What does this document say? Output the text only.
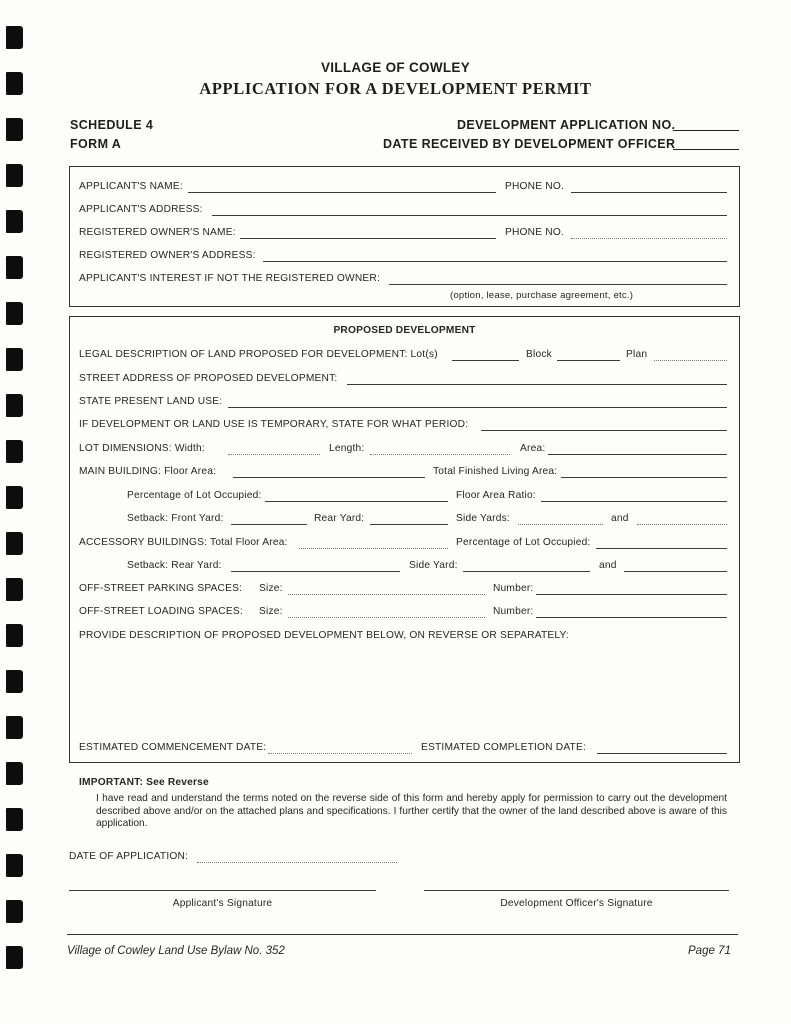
VILLAGE OF COWLEY
APPLICATION FOR A DEVELOPMENT PERMIT
SCHEDULE 4
FORM A
DEVELOPMENT APPLICATION NO.
DATE RECEIVED BY DEVELOPMENT OFFICER
APPLICANT'S NAME:	PHONE NO.
APPLICANT'S ADDRESS:
REGISTERED OWNER'S NAME:	PHONE NO.
REGISTERED OWNER'S ADDRESS:
APPLICANT'S INTEREST IF NOT THE REGISTERED OWNER:
(option, lease, purchase agreement, etc.)
PROPOSED DEVELOPMENT
LEGAL DESCRIPTION OF LAND PROPOSED FOR DEVELOPMENT: Lot(s)	Block	Plan
STREET ADDRESS OF PROPOSED DEVELOPMENT:
STATE PRESENT LAND USE:
IF DEVELOPMENT OR LAND USE IS TEMPORARY, STATE FOR WHAT PERIOD:
LOT DIMENSIONS: Width:	Length:	Area:
MAIN BUILDING: Floor Area:	Total Finished Living Area:
Percentage of Lot Occupied:	Floor Area Ratio:
Setback: Front Yard:	Rear Yard:	Side Yards:	and
ACCESSORY BUILDINGS: Total Floor Area:	Percentage of Lot Occupied:
Setback: Rear Yard:	Side Yard:	and
OFF-STREET PARKING SPACES: Size:	Number:
OFF-STREET LOADING SPACES: Size:	Number:
PROVIDE DESCRIPTION OF PROPOSED DEVELOPMENT BELOW, ON REVERSE OR SEPARATELY:
ESTIMATED COMMENCEMENT DATE:	ESTIMATED COMPLETION DATE:
IMPORTANT: See Reverse
I have read and understand the terms noted on the reverse side of this form and hereby apply for permission to carry out the development described above and/or on the attached plans and specifications. I further certify that the owner of the land described above is aware of this application.
DATE OF APPLICATION:
Applicant's Signature	Development Officer's Signature
Village of Cowley Land Use Bylaw No. 352	Page 71
